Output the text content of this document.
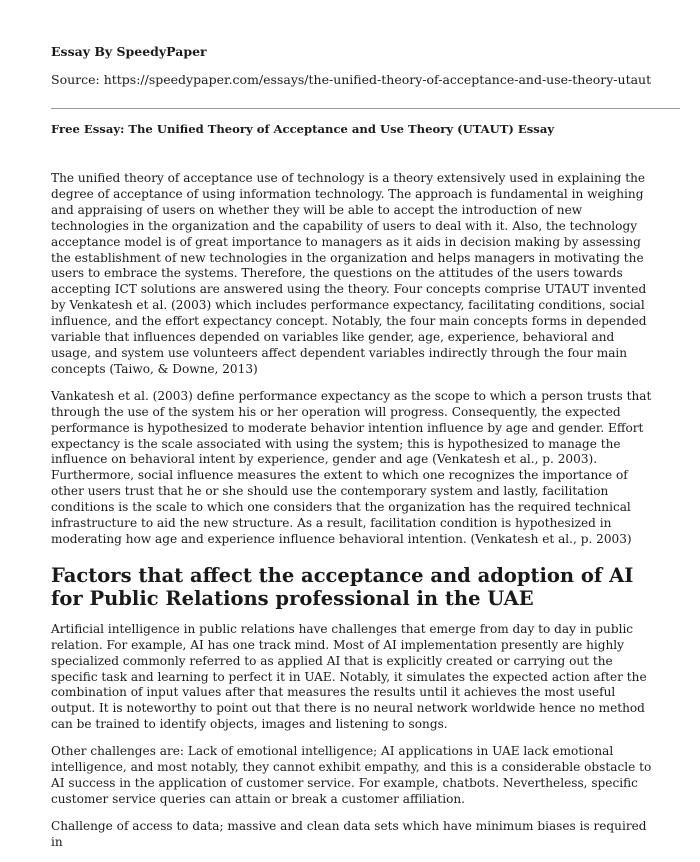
Essay By SpeedyPaper
Source: https://speedypaper.com/essays/the-unified-theory-of-acceptance-and-use-theory-utaut
Free Essay: The Unified Theory of Acceptance and Use Theory (UTAUT) Essay

The unified theory of acceptance use of technology is a theory extensively used in explaining the degree of acceptance of using information technology. The approach is fundamental in weighing and appraising of users on whether they will be able to accept the introduction of new technologies in the organization and the capability of users to deal with it. Also, the technology acceptance model is of great importance to managers as it aids in decision making by assessing the establishment of new technologies in the organization and helps managers in motivating the users to embrace the systems. Therefore, the questions on the attitudes of the users towards accepting ICT solutions are answered using the theory. Four concepts comprise UTAUT invented by Venkatesh et al. (2003) which includes performance expectancy, facilitating conditions, social influence, and the effort expectancy concept. Notably, the four main concepts forms in depended variable that influences depended on variables like gender, age, experience, behavioral and usage, and system use volunteers affect dependent variables indirectly through the four main concepts (Taiwo, & Downe, 2013)

Vankatesh et al. (2003) define performance expectancy as the scope to which a person trusts that through the use of the system his or her operation will progress. Consequently, the expected performance is hypothesized to moderate behavior intention influence by age and gender. Effort expectancy is the scale associated with using the system; this is hypothesized to manage the influence on behavioral intent by experience, gender and age (Venkatesh et al., p. 2003). Furthermore, social influence measures the extent to which one recognizes the importance of other users trust that he or she should use the contemporary system and lastly, facilitation conditions is the scale to which one considers that the organization has the required technical infrastructure to aid the new structure. As a result, facilitation condition is hypothesized in moderating how age and experience influence behavioral intention. (Venkatesh et al., p. 2003)

Factors that affect the acceptance and adoption of AI for Public Relations professional in the UAE

Artificial intelligence in public relations have challenges that emerge from day to day in public relation. For example, AI has one track mind. Most of AI implementation presently are highly specialized commonly referred to as applied AI that is explicitly created or carrying out the specific task and learning to perfect it in UAE. Notably, it simulates the expected action after the combination of input values after that measures the results until it achieves the most useful output. It is noteworthy to point out that there is no neural network worldwide hence no method can be trained to identify objects, images and listening to songs.

Other challenges are: Lack of emotional intelligence; AI applications in UAE lack emotional intelligence, and most notably, they cannot exhibit empathy, and this is a considerable obstacle to AI success in the application of customer service. For example, chatbots. Nevertheless, specific customer service queries can attain or break a customer affiliation.

Challenge of access to data; massive and clean data sets which have minimum biases is required in
